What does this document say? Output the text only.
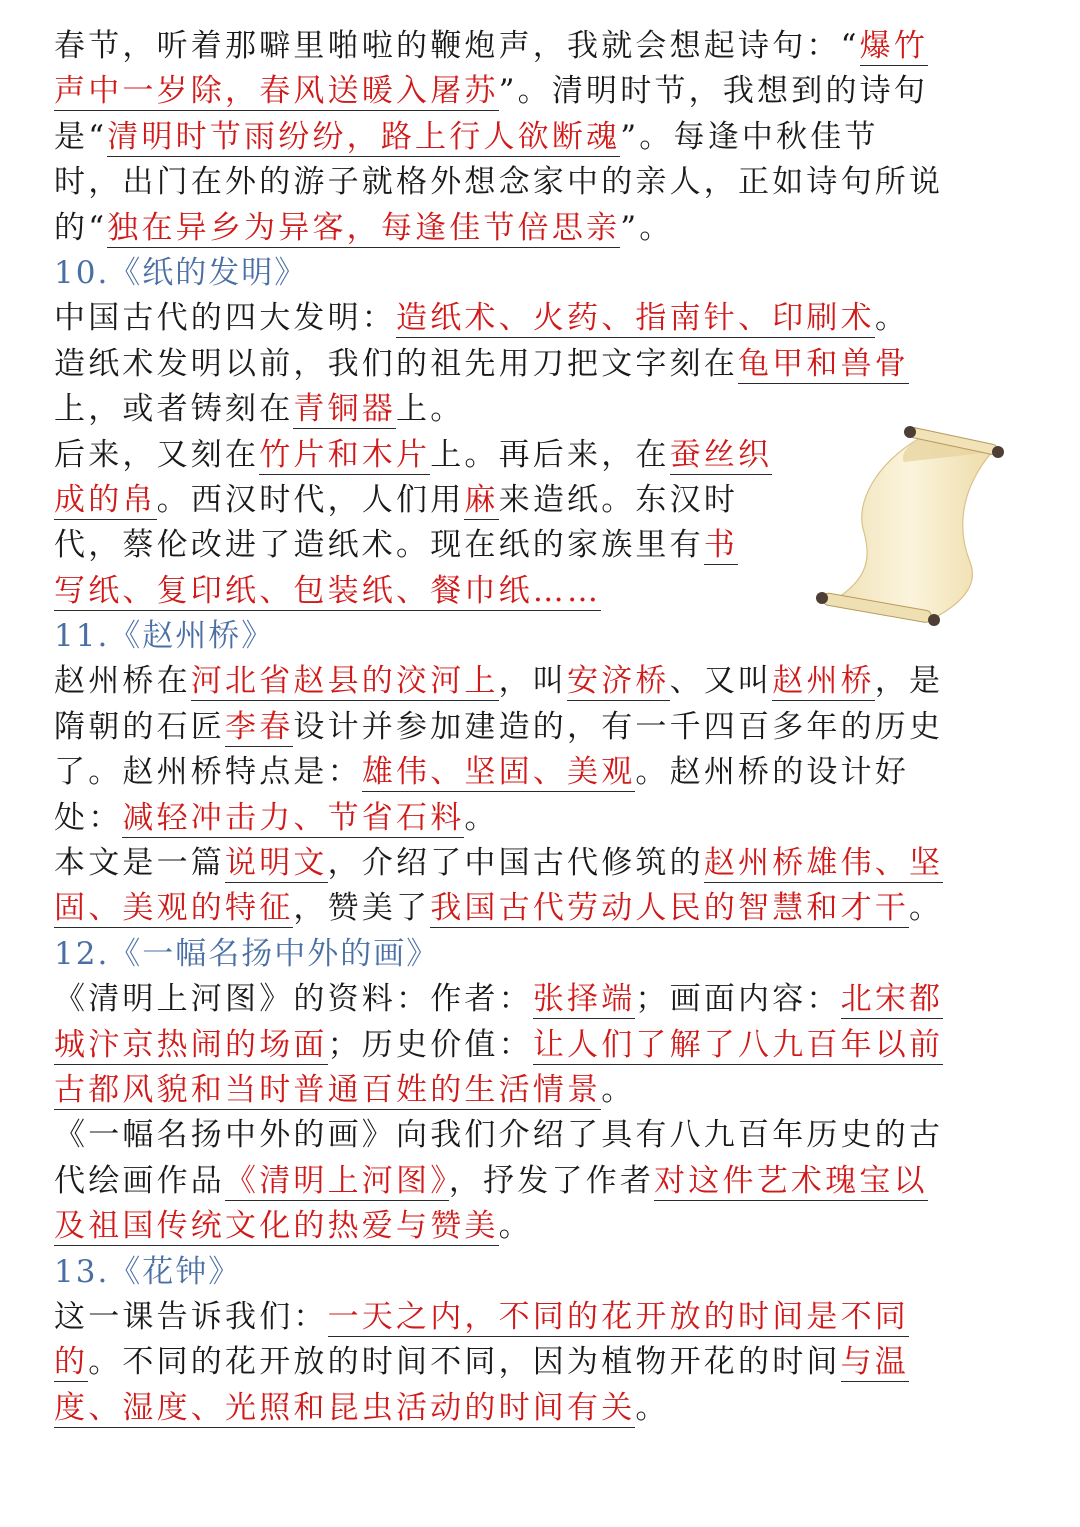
春节，听着那噼里啪啦的鞭炮声，我就会想起诗句：“爆竹
声中一岁除，春风送暖入屠苏”。清明时节，我想到的诗句
是“清明时节雨纷纷，路上行人欲断魂”。每逢中秋佳节
时，出门在外的游子就格外想念家中的亲人，正如诗句所说
的“独在异乡为异客，每逢佳节倍思亲”。
10.《纸的发明》
中国古代的四大发明：造纸术、火药、指南针、印刷术。
造纸术发明以前，我们的祖先用刀把文字刻在龟甲和兽骨
上，或者铸刻在青铜器上。
后来，又刻在竹片和木片上。再后来，在蚕丝织
成的帛。西汉时代，人们用麻来造纸。东汉时
代，蔡伦改进了造纸术。现在纸的家族里有书
写纸、复印纸、包装纸、餐巾纸……
11.《赵州桥》
赵州桥在河北省赵县的洨河上，叫安济桥、又叫赵州桥，是
隋朝的石匠李春设计并参加建造的，有一千四百多年的历史
了。赵州桥特点是：雄伟、坚固、美观。赵州桥的设计好
处：减轻冲击力、节省石料。
本文是一篇说明文，介绍了中国古代修筑的赵州桥雄伟、坚
固、美观的特征，赞美了我国古代劳动人民的智慧和才干。
12.《一幅名扬中外的画》
《清明上河图》的资料：作者：张择端；画面内容：北宋都
城汴京热闹的场面；历史价值：让人们了解了八九百年以前
古都风貌和当时普通百姓的生活情景。
《一幅名扬中外的画》向我们介绍了具有八九百年历史的古
代绘画作品《清明上河图》，抒发了作者对这件艺术瑰宝以
及祖国传统文化的热爱与赞美。
13.《花钟》
这一课告诉我们：一天之内，不同的花开放的时间是不同
的。不同的花开放的时间不同，因为植物开花的时间与温
度、湿度、光照和昆虫活动的时间有关。
